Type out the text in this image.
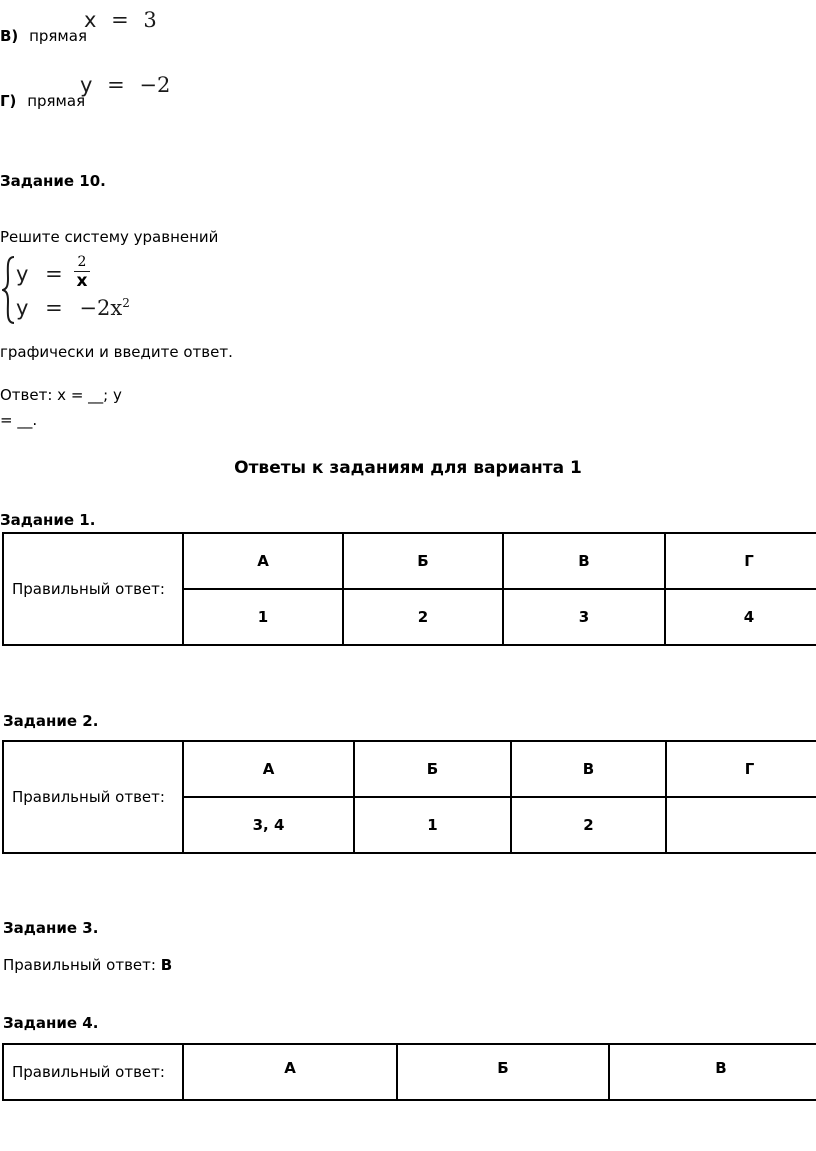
В) прямая
x = 3
Г) прямая
y = −2
Задание 10.
Решите систему уравнений
y = 2
x
$y = -2x^2$
графически и введите ответ.
Ответ: x = __; y
= __.
Ответы к заданиям для варианта 1
Задание 1.
Правильный ответ:	А	Б	В	Г
	1	2	3	4
Задание 2.
Правильный ответ:	А	Б	В	Г
	3, 4	1	2	
Задание 3.
Правильный ответ: В
Задание 4.
Правильный ответ:	А	Б	В
